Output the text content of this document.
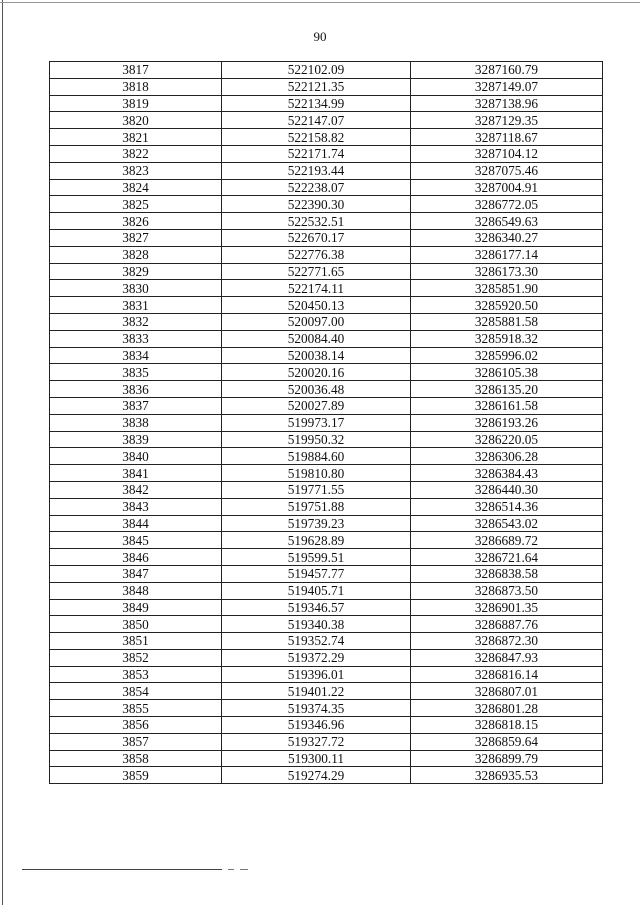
90
3817	522102.09	3287160.79
3818	522121.35	3287149.07
3819	522134.99	3287138.96
3820	522147.07	3287129.35
3821	522158.82	3287118.67
3822	522171.74	3287104.12
3823	522193.44	3287075.46
3824	522238.07	3287004.91
3825	522390.30	3286772.05
3826	522532.51	3286549.63
3827	522670.17	3286340.27
3828	522776.38	3286177.14
3829	522771.65	3286173.30
3830	522174.11	3285851.90
3831	520450.13	3285920.50
3832	520097.00	3285881.58
3833	520084.40	3285918.32
3834	520038.14	3285996.02
3835	520020.16	3286105.38
3836	520036.48	3286135.20
3837	520027.89	3286161.58
3838	519973.17	3286193.26
3839	519950.32	3286220.05
3840	519884.60	3286306.28
3841	519810.80	3286384.43
3842	519771.55	3286440.30
3843	519751.88	3286514.36
3844	519739.23	3286543.02
3845	519628.89	3286689.72
3846	519599.51	3286721.64
3847	519457.77	3286838.58
3848	519405.71	3286873.50
3849	519346.57	3286901.35
3850	519340.38	3286887.76
3851	519352.74	3286872.30
3852	519372.29	3286847.93
3853	519396.01	3286816.14
3854	519401.22	3286807.01
3855	519374.35	3286801.28
3856	519346.96	3286818.15
3857	519327.72	3286859.64
3858	519300.11	3286899.79
3859	519274.29	3286935.53
